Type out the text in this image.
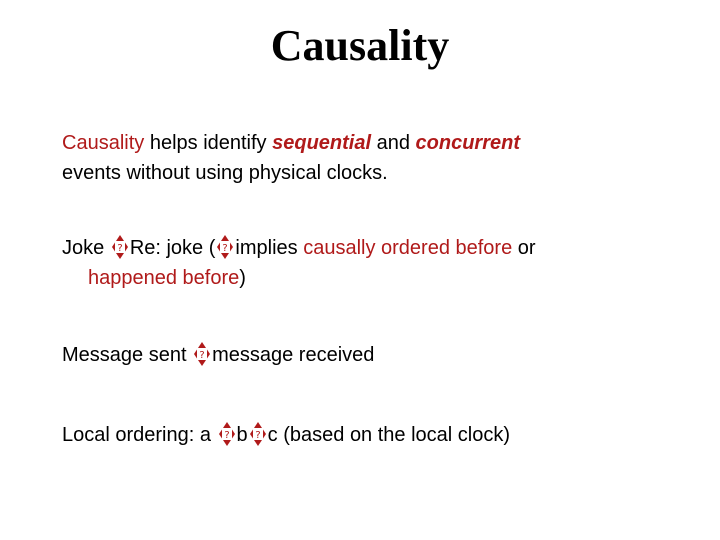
Causality
Causality helps identify sequential and concurrent
events without using physical clocks.
Joke ? Re: joke ( ? implies causally ordered before or
happened before)
Message sent ? message received
Local ordering: a ? b ? c (based on the local clock)
